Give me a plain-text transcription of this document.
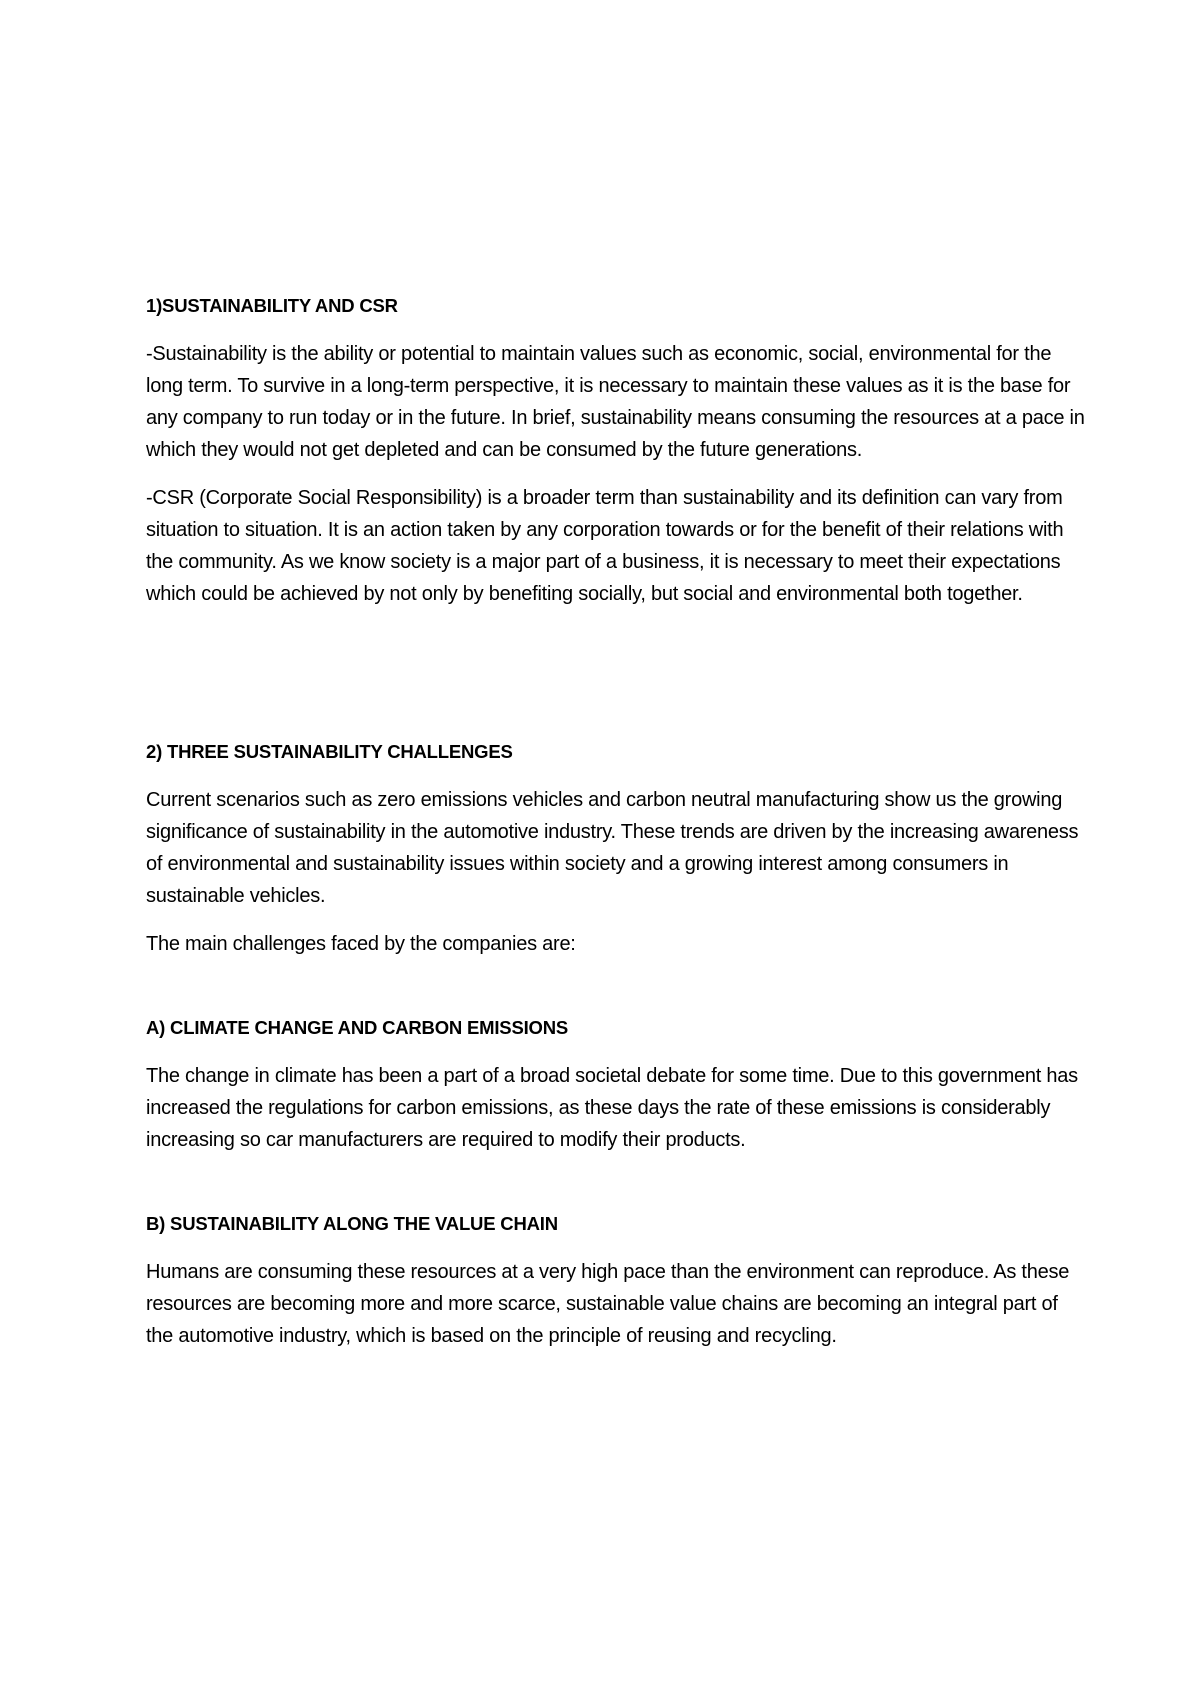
1)SUSTAINABILITY AND CSR

-Sustainability is the ability or potential to maintain values such as economic, social, environmental for the long term. To survive in a long-term perspective, it is necessary to maintain these values as it is the base for any company to run today or in the future. In brief, sustainability means consuming the resources at a pace in which they would not get depleted and can be consumed by the future generations.

-CSR (Corporate Social Responsibility) is a broader term than sustainability and its definition can vary from situation to situation. It is an action taken by any corporation towards or for the benefit of their relations with the community. As we know society is a major part of a business, it is necessary to meet their expectations which could be achieved by not only by benefiting socially, but social and environmental both together.

2) THREE SUSTAINABILITY CHALLENGES

Current scenarios such as zero emissions vehicles and carbon neutral manufacturing show us the growing significance of sustainability in the automotive industry. These trends are driven by the increasing awareness of environmental and sustainability issues within society and a growing interest among consumers in sustainable vehicles.

The main challenges faced by the companies are:

A) CLIMATE CHANGE AND CARBON EMISSIONS

The change in climate has been a part of a broad societal debate for some time. Due to this government has increased the regulations for carbon emissions, as these days the rate of these emissions is considerably increasing so car manufacturers are required to modify their products.

B) SUSTAINABILITY ALONG THE VALUE CHAIN

Humans are consuming these resources at a very high pace than the environment can reproduce. As these resources are becoming more and more scarce, sustainable value chains are becoming an integral part of the automotive industry, which is based on the principle of reusing and recycling.
